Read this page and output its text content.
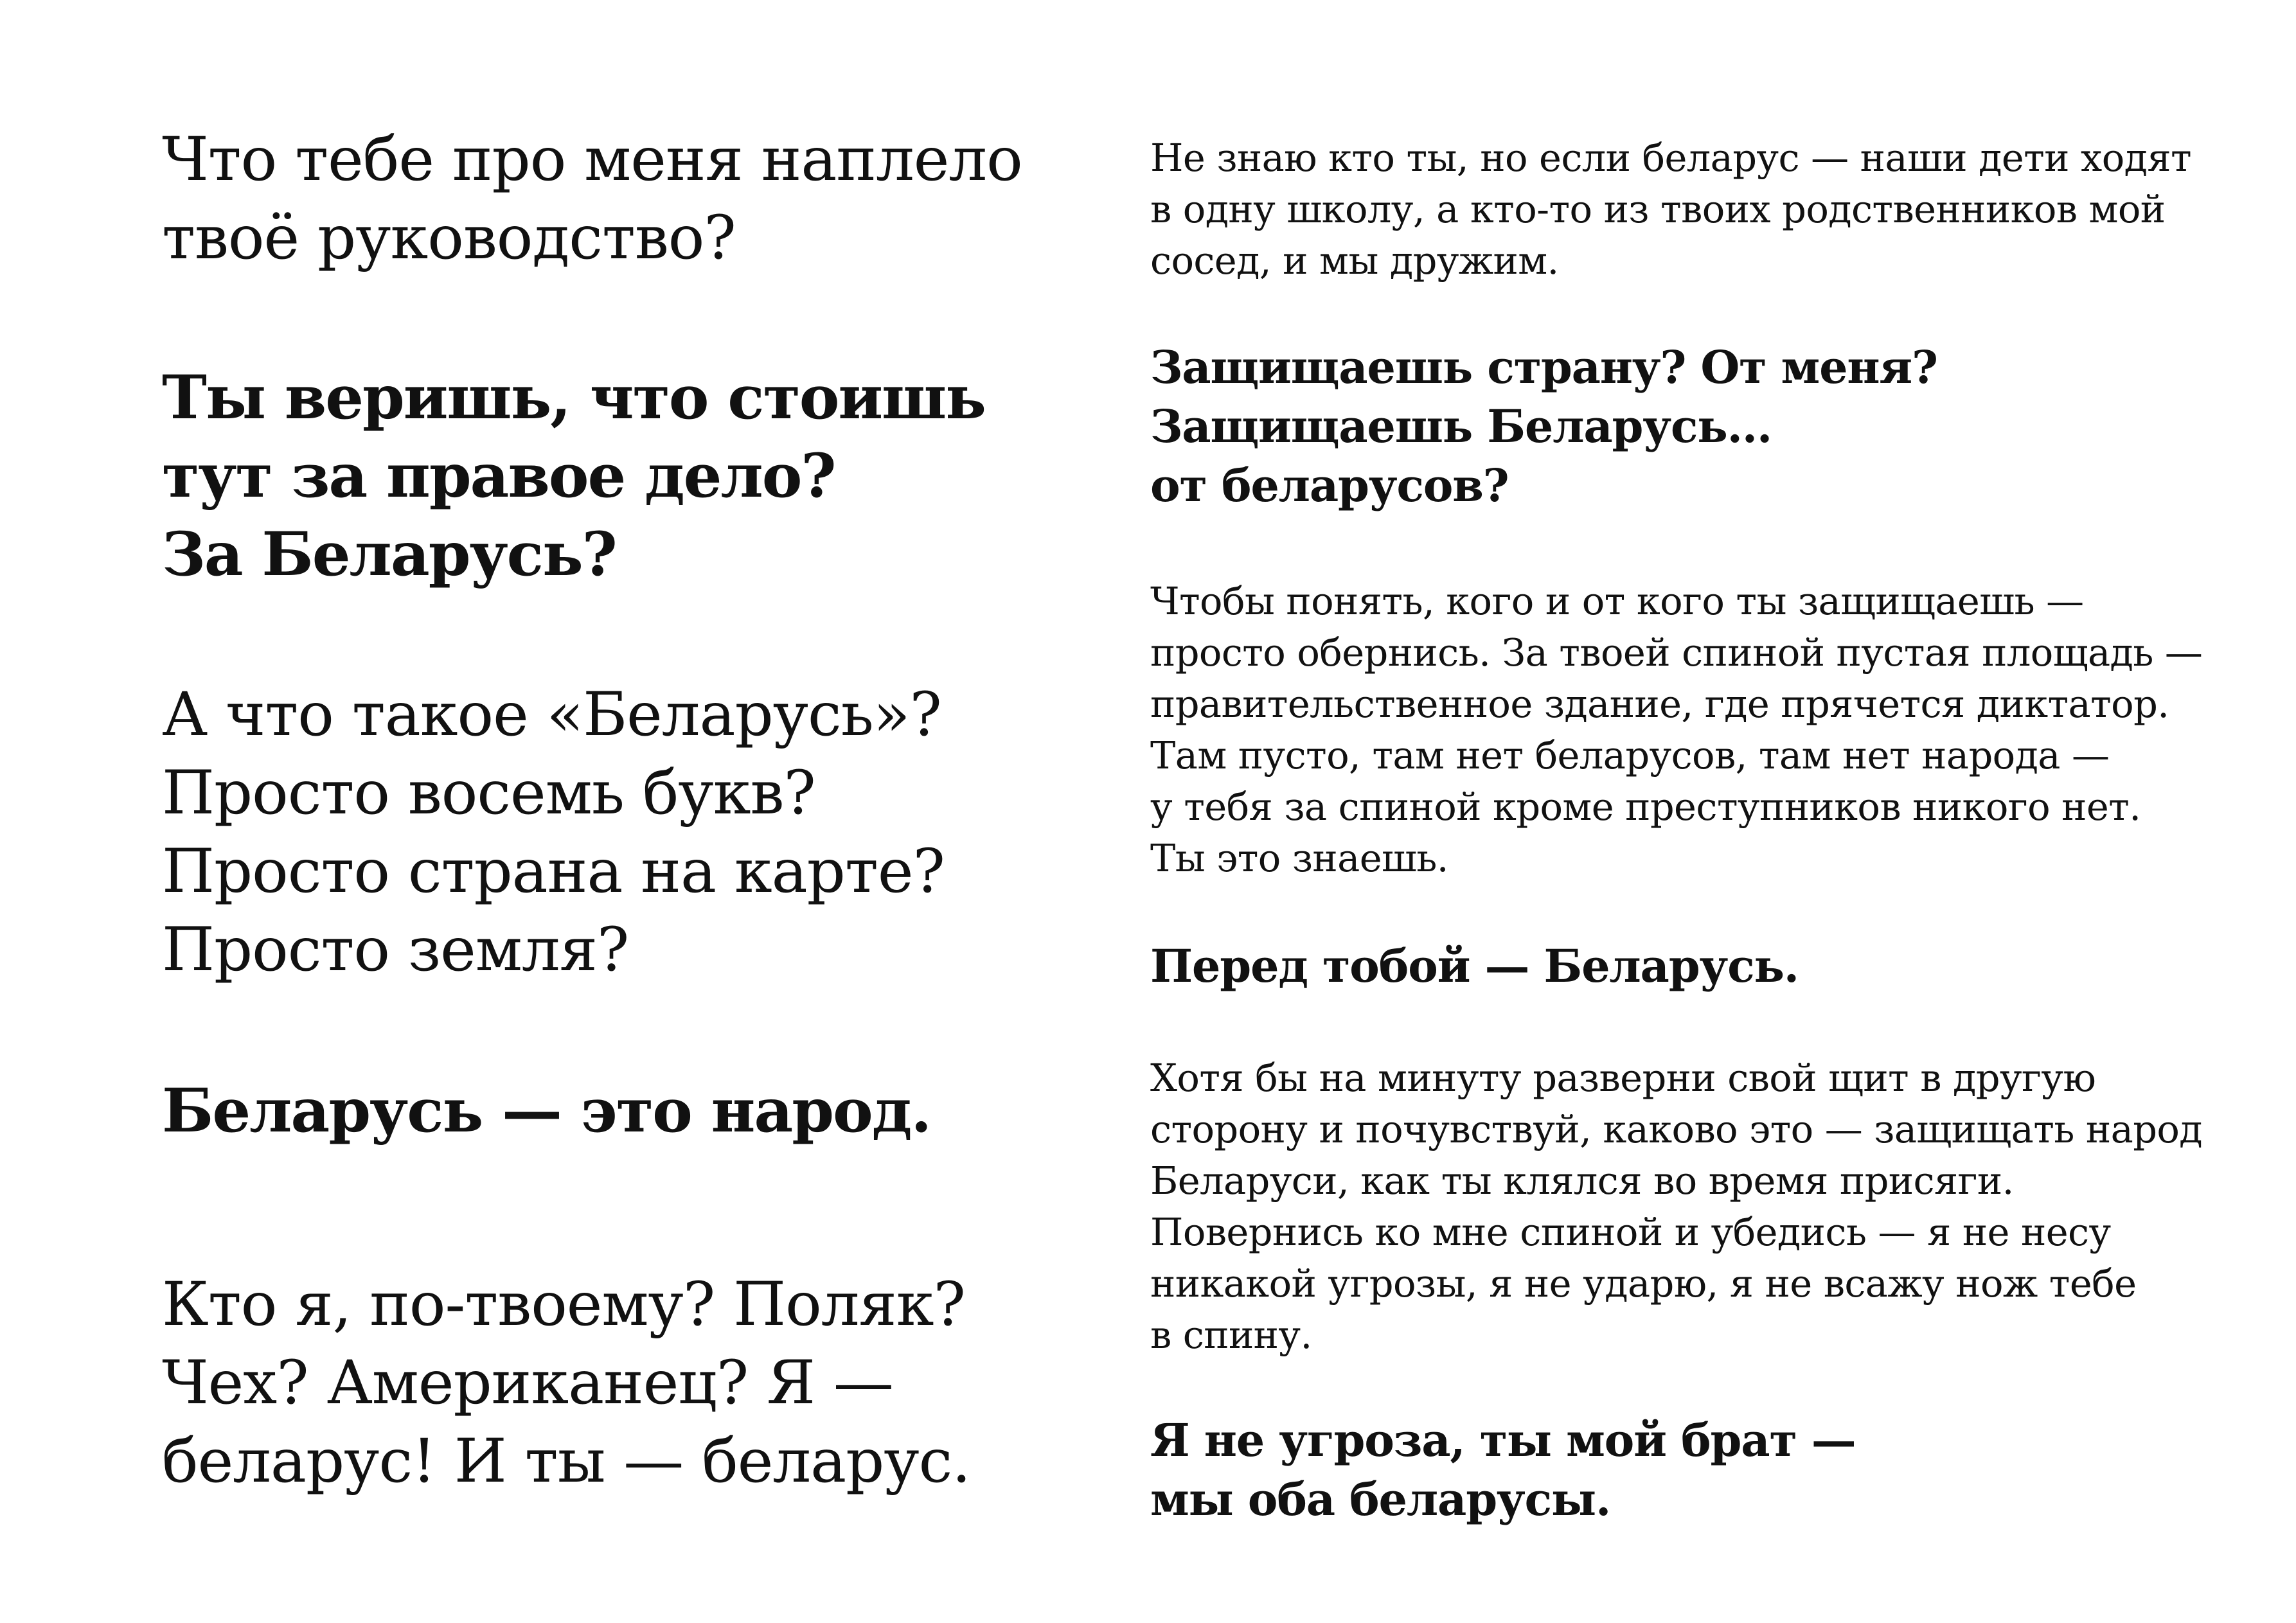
Что тебе про меня наплело
твоё руководство?

Ты веришь, что стоишь
тут за правое дело?
За Беларусь?

А что такое «Беларусь»?
Просто восемь букв?
Просто страна на карте?
Просто земля?

Беларусь — это народ.

Кто я, по-твоему? Поляк?
Чех? Американец? Я —
беларус! И ты — беларус.

Не знаю кто ты, но если беларус — наши дети ходят
в одну школу, а кто-то из твоих родственников мой
сосед, и мы дружим.

Защищаешь страну? От меня?
Защищаешь Беларусь...
от беларусов?

Чтобы понять, кого и от кого ты защищаешь —
просто обернись. За твоей спиной пустая площадь —
правительственное здание, где прячется диктатор.
Там пусто, там нет беларусов, там нет народа —
у тебя за спиной кроме преступников никого нет.
Ты это знаешь.

Перед тобой — Беларусь.

Хотя бы на минуту разверни свой щит в другую
сторону и почувствуй, каково это — защищать народ
Беларуси, как ты клялся во время присяги.
Повернись ко мне спиной и убедись — я не несу
никакой угрозы, я не ударю, я не всажу нож тебе
в спину.

Я не угроза, ты мой брат —
мы оба беларусы.
